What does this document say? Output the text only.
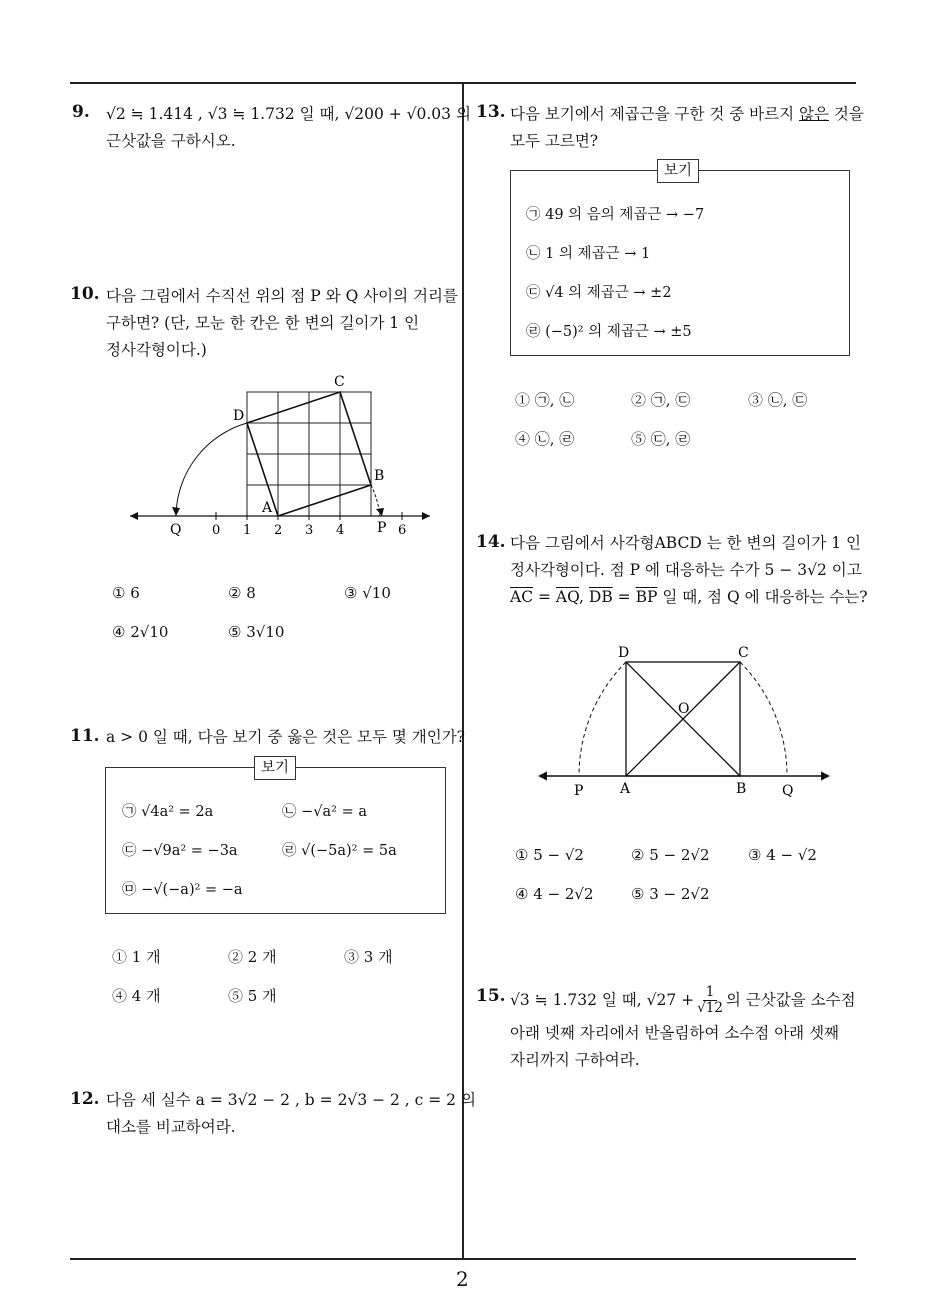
9. √2 ≒ 1.414 , √3 ≒ 1.732 일 때, √200 + √0.03 의
근삿값을 구하시오.
10. 다음 그림에서 수직선 위의 점 P 와 Q 사이의 거리를
구하면? (단, 모눈 한 칸은 한 변의 길이가 1 인
정사각형이다.)
C
D
B
A
Q 0 1 2 3 4 P 6
① 6	② 8	③ √10
④ 2√10	⑤ 3√10
11. a > 0 일 때, 다음 보기 중 옳은 것은 모두 몇 개인가?
보기
㉠ √4a² = 2a	㉡ −√a² = a
㉢ −√9a² = −3a	㉣ √(−5a)² = 5a
㉤ −√(−a)² = −a
① 1 개	② 2 개	③ 3 개
④ 4 개	⑤ 5 개
12. 다음 세 실수 a = 3√2 − 2 , b = 2√3 − 2 , c = 2 의
대소를 비교하여라.
13. 다음 보기에서 제곱근을 구한 것 중 바르지 않은 것을
모두 고르면?
보기
㉠ 49 의 음의 제곱근 → −7
㉡ 1 의 제곱근 → 1
㉢ √4 의 제곱근 → ±2
㉣ (−5)² 의 제곱근 → ±5
① ㉠, ㉡	② ㉠, ㉢	③ ㉡, ㉢
④ ㉡, ㉣	⑤ ㉢, ㉣
14. 다음 그림에서 사각형ABCD 는 한 변의 길이가 1 인
정사각형이다. 점 P 에 대응하는 수가 5 − 3√2 이고
$\overline{AC} = \overline{AQ}$, $\overline{DB} = \overline{BP}$ 일 때, 점 Q 에 대응하는 수는?
D	C
O
P	A	B	Q
① 5 − √2	② 5 − 2√2	③ 4 − √2
④ 4 − 2√2 ⑤ 3 − 2√2
15. √3 ≒ 1.732 일 때, $√27 + \frac{1}{√12}$ 의 근삿값을 소수점
아래 넷째 자리에서 반올림하여 소수점 아래 셋째
자리까지 구하여라.
2
